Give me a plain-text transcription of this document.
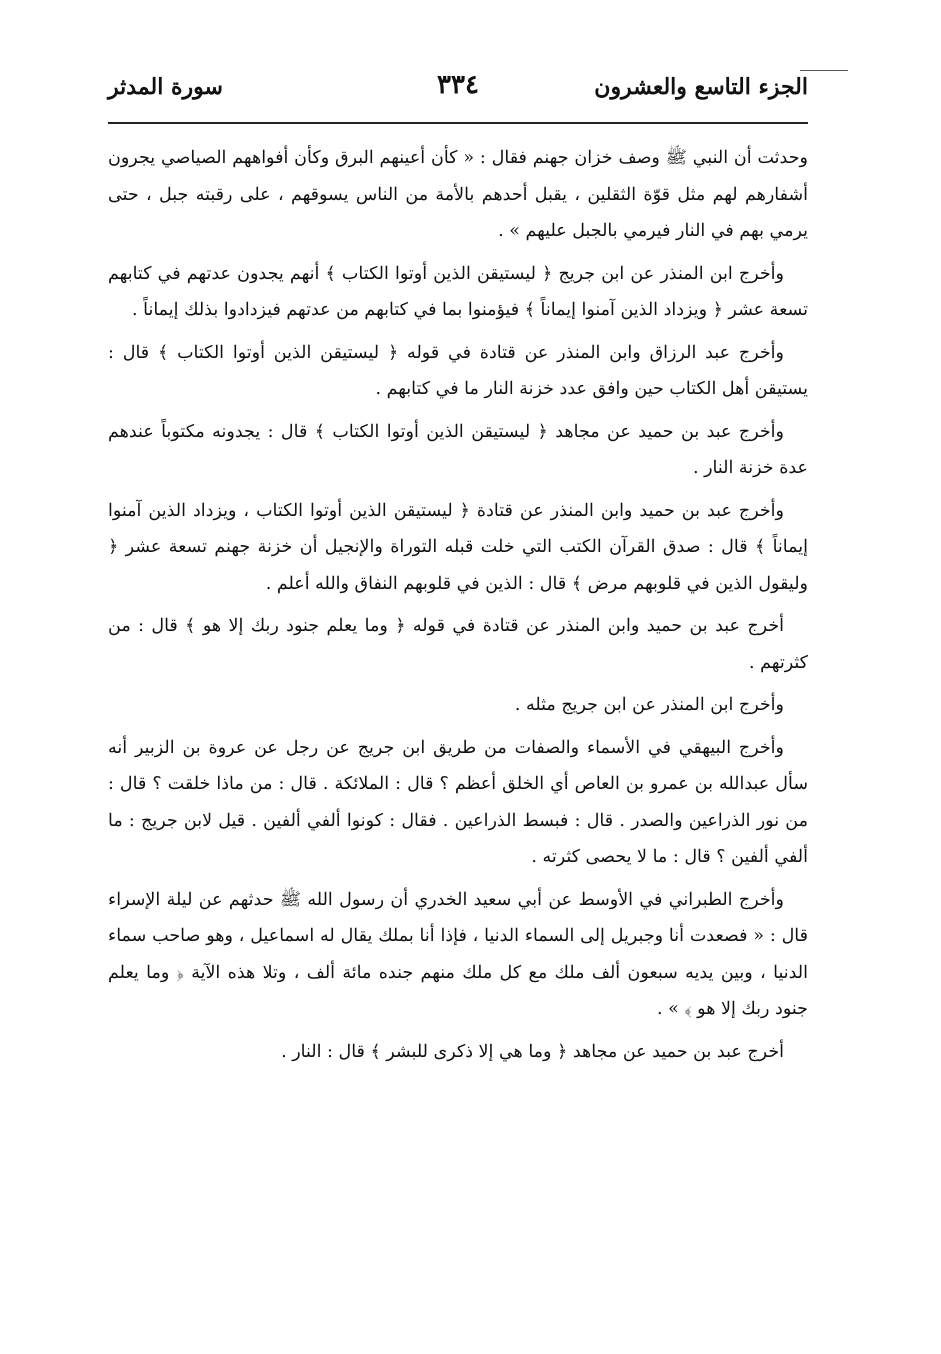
الجزء التاسع والعشرون
٣٣٤
سورة المدثر

وحدثت أن النبي ﷺ وصف خزان جهنم فقال : « كأن أعينهم البرق وكأن أفواههم الصياصي يجرون أشفارهم لهم مثل قوّة الثقلين ، يقبل أحدهم بالأمة من الناس يسوقهم ، على رقبته جبل ، حتى يرمي بهم في النار فيرمي بالجبل عليهم » .

وأخرج ابن المنذر عن ابن جريج ﴿ ليستيقن الذين أوتوا الكتاب ﴾ أنهم يجدون عدتهم في كتابهم تسعة عشر ﴿ ويزداد الذين آمنوا إيماناً ﴾ فيؤمنوا بما في كتابهم من عدتهم فيزدادوا بذلك إيماناً .

وأخرج عبد الرزاق وابن المنذر عن قتادة في قوله ﴿ ليستيقن الذين أوتوا الكتاب ﴾ قال : يستيقن أهل الكتاب حين وافق عدد خزنة النار ما في كتابهم .

وأخرج عبد بن حميد عن مجاهد ﴿ ليستيقن الذين أوتوا الكتاب ﴾ قال : يجدونه مكتوباً عندهم عدة خزنة النار .

وأخرج عبد بن حميد وابن المنذر عن قتادة ﴿ ليستيقن الذين أوتوا الكتاب ، ويزداد الذين آمنوا إيماناً ﴾ قال : صدق القرآن الكتب التي خلت قبله التوراة والإنجيل أن خزنة جهنم تسعة عشر ﴿ وليقول الذين في قلوبهم مرض ﴾ قال : الذين في قلوبهم النفاق والله أعلم .

أخرج عبد بن حميد وابن المنذر عن قتادة في قوله ﴿ وما يعلم جنود ربك إلا هو ﴾ قال : من كثرتهم .

وأخرج ابن المنذر عن ابن جريج مثله .

وأخرج البيهقي في الأسماء والصفات من طريق ابن جريج عن رجل عن عروة بن الزبير أنه سأل عبدالله بن عمرو بن العاص أي الخلق أعظم ؟ قال : الملائكة . قال : من ماذا خلقت ؟ قال : من نور الذراعين والصدر . قال : فبسط الذراعين . فقال : كونوا ألفي ألفين . قيل لابن جريج : ما ألفي ألفين ؟ قال : ما لا يحصى كثرته .

وأخرج الطبراني في الأوسط عن أبي سعيد الخدري أن رسول الله ﷺ حدثهم عن ليلة الإسراء قال : « فصعدت أنا وجبريل إلى السماء الدنيا ، فإذا أنا بملك يقال له اسماعيل ، وهو صاحب سماء الدنيا ، وبين يديه سبعون ألف ملك مع كل ملك منهم جنده مائة ألف ، وتلا هذه الآية ﴿ وما يعلم جنود ربك إلا هو ﴾ » .

أخرج عبد بن حميد عن مجاهد ﴿ وما هي إلا ذكرى للبشر ﴾ قال : النار .
